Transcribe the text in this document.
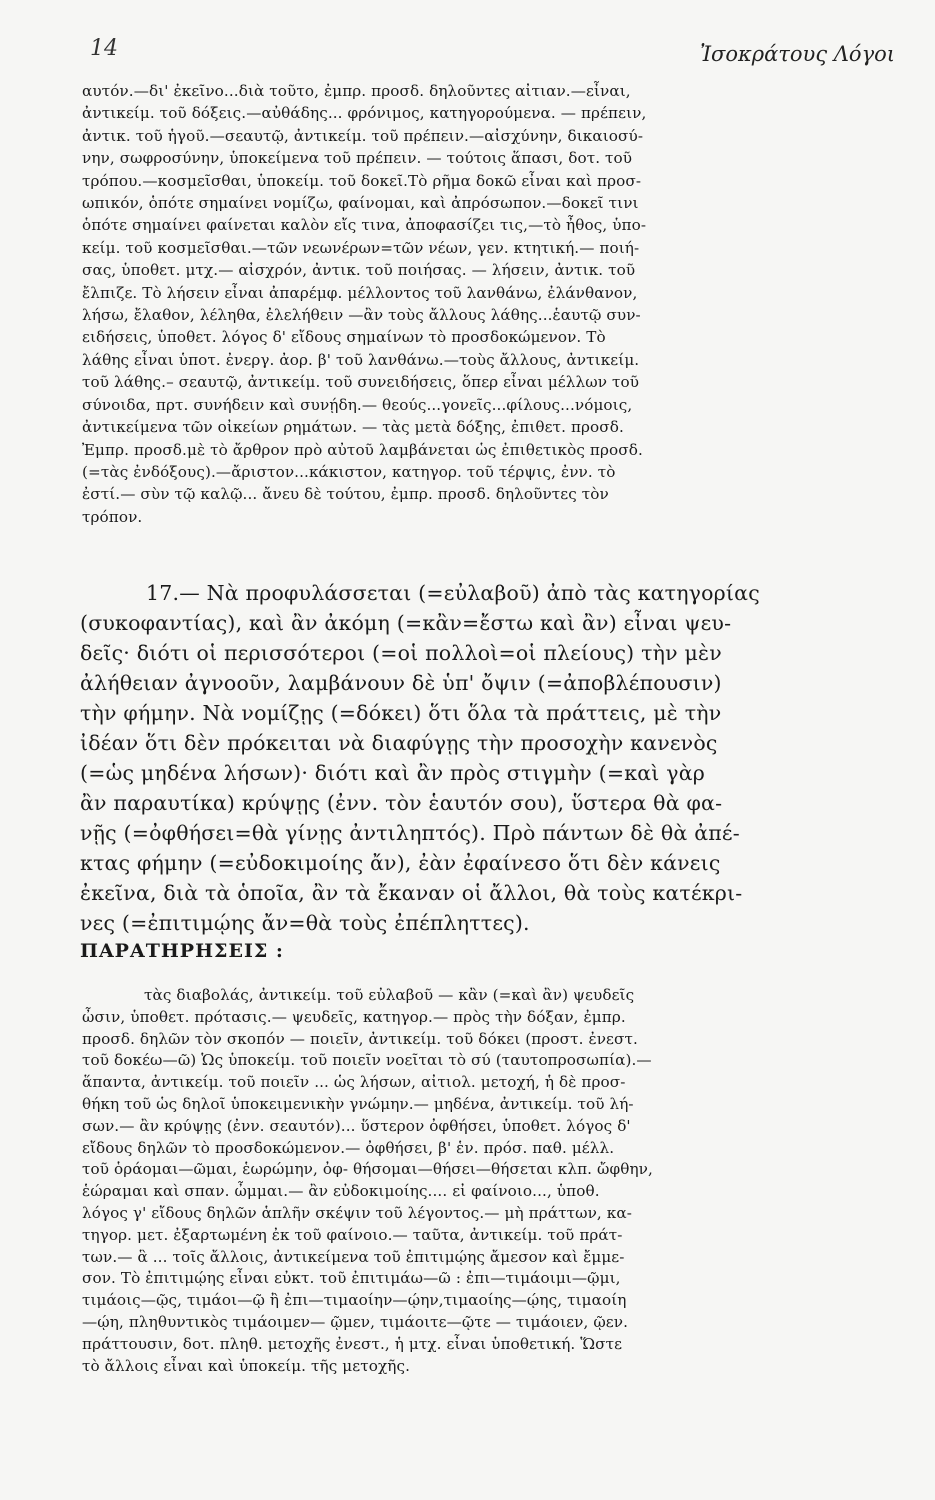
14	Ἰσοκράτους Λόγοι
αυτόν.—δι' ἐκεῖνο...διὰ τοῦτο, ἐμπρ. προσδ. δηλοῦντες αἰτιαν.—εἶναι,
ἀντικείμ. τοῦ δόξεις.—αὐθάδης... φρόνιμος, κατηγορούμενα. — πρέπειν,
ἀντικ. τοῦ ἡγοῦ.—σεαυτῷ, ἀντικείμ. τοῦ πρέπειν.—αἰσχύνην, δικαιοσύ-
νην, σωφροσύνην, ὑποκείμενα τοῦ πρέπειν. — τούτοις ἅπασι, δοτ. τοῦ
τρόπου.—κοσμεῖσθαι, ὑποκείμ. τοῦ δοκεῖ.Τὸ ρῆμα δοκῶ εἶναι καὶ προσ-
ωπικόν, ὁπότε σημαίνει νομίζω, φαίνομαι, καὶ ἀπρόσωπον.—δοκεῖ τινι
ὁπότε σημαίνει φαίνεται καλὸν εἴς τινα, ἀποφασίζει τις,—τὸ ἦθος, ὑπο-
κείμ. τοῦ κοσμεῖσθαι.—τῶν νεωνέρων=τῶν νέων, γεν. κτητική.— ποιή-
σας, ὑποθετ. μτχ.— αἰσχρόν, ἀντικ. τοῦ ποιήσας. — λήσειν, ἀντικ. τοῦ
ἔλπιζε. Τὸ λήσειν εἶναι ἀπαρέμφ. μέλλοντος τοῦ λανθάνω, ἐλάνθανον,
λήσω, ἔλαθον, λέληθα, ἐλελήθειν —ἂν τοὺς ἄλλους λάθης...ἑαυτῷ συν-
ειδήσεις, ὑποθετ. λόγος δ' εἴδους σημαίνων τὸ προσδοκώμενον. Τὸ
λάθης εἶναι ὑποτ. ἐνεργ. ἀορ. β' τοῦ λανθάνω.—τοὺς ἄλλους, ἀντικείμ.
τοῦ λάθης.– σεαυτῷ, ἀντικείμ. τοῦ συνειδήσεις, ὅπερ εἶναι μέλλων τοῦ
σύνοιδα, πρτ. συνήδειν καὶ συνῄδη.— θεούς...γονεῖς...φίλους...νόμοις,
ἀντικείμενα τῶν οἰκείων ρημάτων. — τὰς μετὰ δόξης, ἐπιθετ. προσδ.
Ἐμπρ. προσδ.μὲ τὸ ἄρθρον πρὸ αὐτοῦ λαμβάνεται ὡς ἐπιθετικὸς προσδ.
(=τὰς ἐνδόξους).—ἄριστον...κάκιστον, κατηγορ. τοῦ τέρψις, ἐνν. τὸ
ἐστί.— σὺν τῷ καλῷ... ἄνευ δὲ τούτου, ἐμπρ. προσδ. δηλοῦντες τὸν
τρόπον.
17.— Νὰ προφυλάσσεται (=εὐλαβοῦ) ἀπὸ τὰς κατηγορίας
(συκοφαντίας), καὶ ἂν ἀκόμη (=κἂν=ἔστω καὶ ἂν) εἶναι ψευ-
δεῖς· διότι οἱ περισσότεροι (=οἱ πολλοὶ=οἱ πλείους) τὴν μὲν
ἀλήθειαν ἀγνοοῦν, λαμβάνουν δὲ ὑπ' ὄψιν (=ἀποβλέπουσιν)
τὴν φήμην. Νὰ νομίζῃς (=δόκει) ὅτι ὅλα τὰ πράττεις, μὲ τὴν
ἰδέαν ὅτι δὲν πρόκειται νὰ διαφύγῃς τὴν προσοχὴν κανενὸς
(=ὡς μηδένα λήσων)· διότι καὶ ἂν πρὸς στιγμὴν (=καὶ γὰρ
ἂν παραυτίκα) κρύψῃς (ἐνν. τὸν ἑαυτόν σου), ὕστερα θὰ φα-
νῇς (=ὀφθήσει=θὰ γίνῃς ἀντιληπτός). Πρὸ πάντων δὲ θὰ ἀπέ-
κτας φήμην (=εὐδοκιμοίης ἄν), ἐὰν ἐφαίνεσο ὅτι δὲν κάνεις
ἐκεῖνα, διὰ τὰ ὁποῖα, ἂν τὰ ἔκαναν οἱ ἄλλοι, θὰ τοὺς κατέκρι-
νες (=ἐπιτιμῴης ἄν=θὰ τοὺς ἐπέπληττες).
ΠΑΡΑΤΗΡΗΣΕΙΣ :
τὰς διαβολάς, ἀντικείμ. τοῦ εὐλαβοῦ — κἂν (=καὶ ἂν) ψευδεῖς
ὦσιν, ὑποθετ. πρότασις.— ψευδεῖς, κατηγορ.— πρὸς τὴν δόξαν, ἐμπρ.
προσδ. δηλῶν τὸν σκοπόν — ποιεῖν, ἀντικείμ. τοῦ δόκει (προστ. ἐνεστ.
τοῦ δοκέω—ῶ) Ὡς ὑποκείμ. τοῦ ποιεῖν νοεῖται τὸ σύ (ταυτοπροσωπία).—
ἅπαντα, ἀντικείμ. τοῦ ποιεῖν ... ὡς λήσων, αἰτιολ. μετοχή, ἡ δὲ προσ-
θήκη τοῦ ὡς δηλοῖ ὑποκειμενικὴν γνώμην.— μηδένα, ἀντικείμ. τοῦ λή-
σων.— ἂν κρύψῃς (ἐνν. σεαυτόν)... ὕστερον ὀφθήσει, ὑποθετ. λόγος δ'
εἴδους δηλῶν τὸ προσδοκώμενον.— ὀφθήσει, β' ἑν. πρόσ. παθ. μέλλ.
τοῦ ὁράομαι—ῶμαι, ἑωρώμην, ὀφ- θήσομαι—θήσει—θήσεται κλπ. ὤφθην,
ἑώραμαι καὶ σπαν. ὦμμαι.— ἂν εὐδοκιμοίης.... εἰ φαίνοιο..., ὑποθ.
λόγος γ' εἴδους δηλῶν ἁπλῆν σκέψιν τοῦ λέγοντος.— μὴ πράττων, κα-
τηγορ. μετ. ἐξαρτωμένη ἐκ τοῦ φαίνοιο.— ταῦτα, ἀντικείμ. τοῦ πράτ-
των.— ἃ ... τοῖς ἄλλοις, ἀντικείμενα τοῦ ἐπιτιμῴης ἄμεσον καὶ ἔμμε-
σον. Τὸ ἐπιτιμῴης εἶναι εὐκτ. τοῦ ἐπιτιμάω—ῶ : ἐπι—τιμάοιμι—ῷμι,
τιμάοις—ῷς, τιμάοι—ῷ ἢ ἐπι—τιμαοίην—ῴην,τιμαοίης—ῴης, τιμαοίη
—ῴη, πληθυντικὸς τιμάοιμεν— ῷμεν, τιμάοιτε—ῷτε — τιμάοιεν, ῷεν.
πράττουσιν, δοτ. πληθ. μετοχῆς ἐνεστ., ἡ μτχ. εἶναι ὑποθετική. Ὥστε
τὸ ἄλλοις εἶναι καὶ ὑποκείμ. τῆς μετοχῆς.
